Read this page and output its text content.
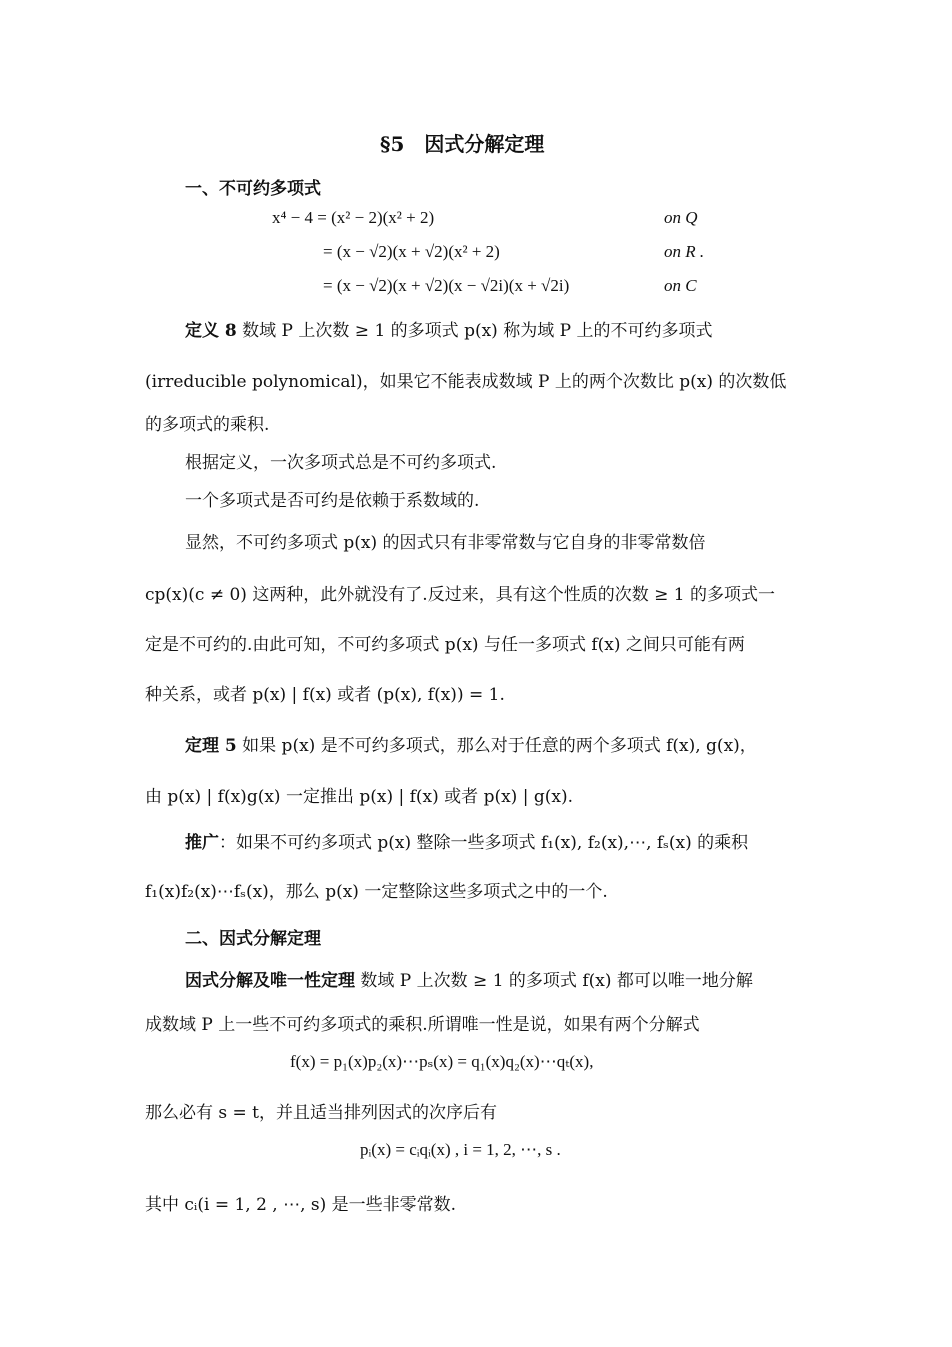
§5　因式分解定理
一、不可约多项式
x⁴ − 4 = (x² − 2)(x² + 2)	on Q
= (x − √2)(x + √2)(x² + 2)	on R .
= (x − √2)(x + √2)(x − √2i)(x + √2i)	on C
定义 8 数域 P 上次数 ≥ 1 的多项式 p(x) 称为域 P 上的不可约多项式
(irreducible polynomical)，如果它不能表成数域 P 上的两个次数比 p(x) 的次数低
的多项式的乘积.
根据定义，一次多项式总是不可约多项式.
一个多项式是否可约是依赖于系数域的.
显然，不可约多项式 p(x) 的因式只有非零常数与它自身的非零常数倍
cp(x)(c ≠ 0) 这两种，此外就没有了.反过来，具有这个性质的次数 ≥ 1 的多项式一
定是不可约的.由此可知，不可约多项式 p(x) 与任一多项式 f(x) 之间只可能有两
种关系，或者 p(x) | f(x) 或者 (p(x), f(x)) = 1.
定理 5 如果 p(x) 是不可约多项式，那么对于任意的两个多项式 f(x), g(x)，
由 p(x) | f(x)g(x) 一定推出 p(x) | f(x) 或者 p(x) | g(x).
推广：如果不可约多项式 p(x) 整除一些多项式 f₁(x), f₂(x),⋯, fₛ(x) 的乘积
f₁(x)f₂(x)⋯fₛ(x)，那么 p(x) 一定整除这些多项式之中的一个.
二、因式分解定理
因式分解及唯一性定理 数域 P 上次数 ≥ 1 的多项式 f(x) 都可以唯一地分解
成数域 P 上一些不可约多项式的乘积.所谓唯一性是说，如果有两个分解式
f(x) = p₁(x)p₂(x)⋯pₛ(x) = q₁(x)q₂(x)⋯qₜ(x),
那么必有 s = t，并且适当排列因式的次序后有
pᵢ(x) = cᵢqᵢ(x) , i = 1, 2, ⋯, s .
其中 cᵢ(i = 1, 2 , ⋯, s) 是一些非零常数.
